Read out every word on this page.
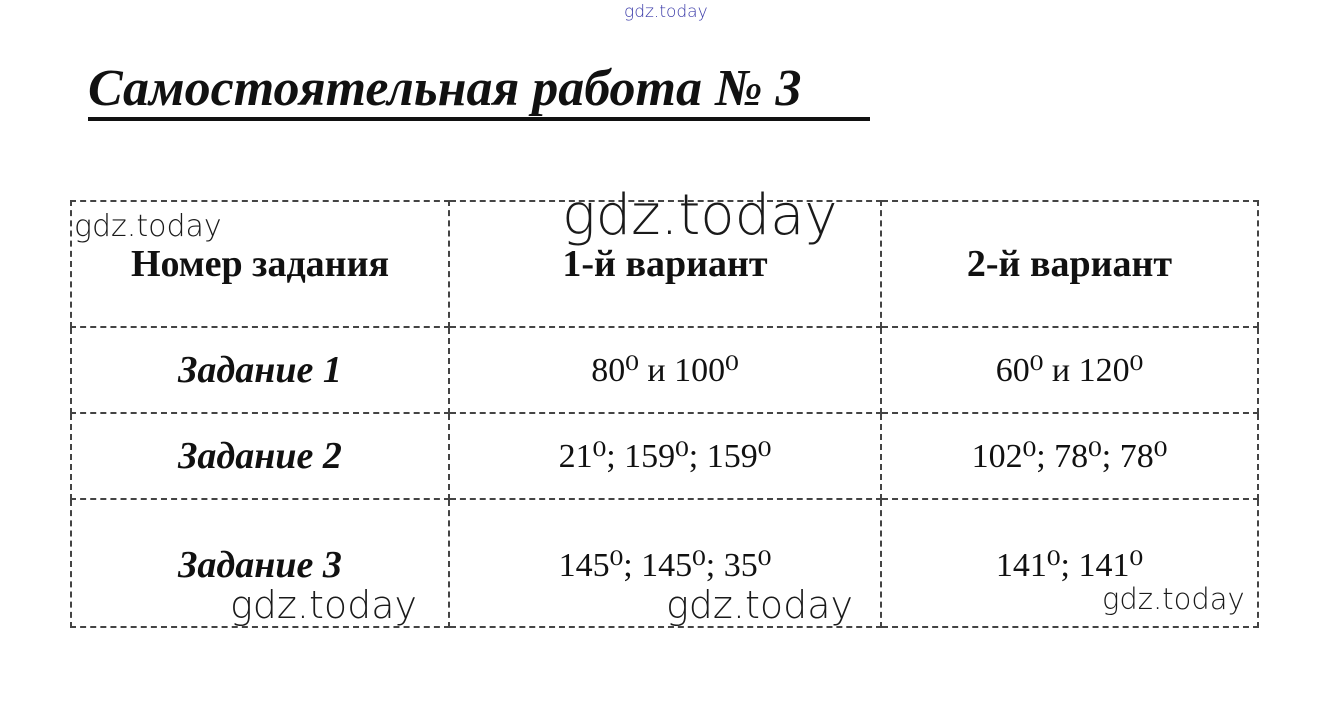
gdz.today
Самостоятельная работа № 3
Номер задания	1-й вариант	2-й вариант
Задание 1	80⁰ и 100⁰	60⁰ и 120⁰
Задание 2	21⁰; 159⁰; 159⁰	102⁰; 78⁰; 78⁰
Задание 3	145⁰; 145⁰; 35⁰	141⁰; 141⁰
gdz.today	gdz.today
gdz.today	gdz.today	gdz.today
